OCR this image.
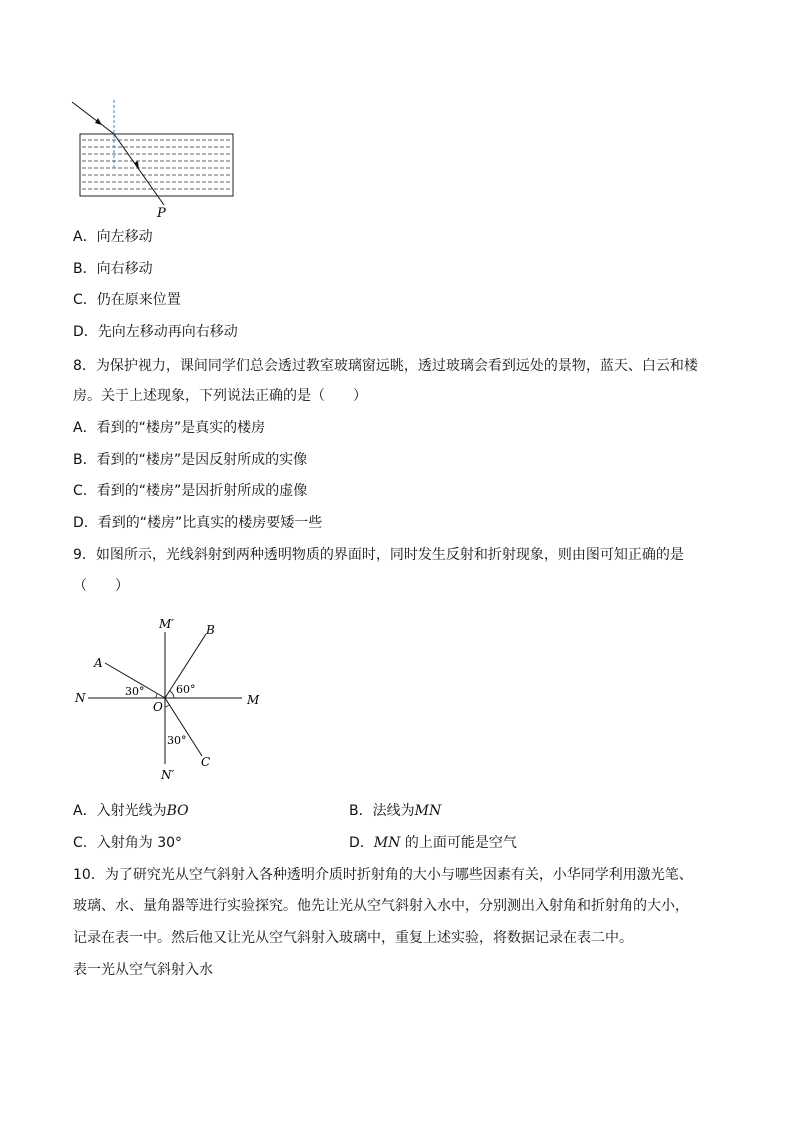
P
A．向左移动
B．向右移动
C．仍在原来位置
D．先向左移动再向右移动
8．为保护视力，课间同学们总会透过教室玻璃窗远眺，透过玻璃会看到远处的景物，蓝天、白云和楼
房。关于上述现象，下列说法正确的是（　　）
A．看到的“楼房”是真实的楼房
B．看到的“楼房”是因反射所成的实像
C．看到的“楼房”是因折射所成的虚像
D．看到的“楼房”比真实的楼房要矮一些
9．如图所示，光线斜射到两种透明物质的界面时，同时发生反射和折射现象，则由图可知正确的是
（　　）
M′	B
A
N	M
O
N′
C
30°	60°
30°
A．入射光线为BO	B．法线为MN
C．入射角为 30°	D．MN 的上面可能是空气
10．为了研究光从空气斜射入各种透明介质时折射角的大小与哪些因素有关，小华同学利用激光笔、
玻璃、水、量角器等进行实验探究。他先让光从空气斜射入水中，分别测出入射角和折射角的大小，
记录在表一中。然后他又让光从空气斜射入玻璃中，重复上述实验，将数据记录在表二中。
表一光从空气斜射入水
